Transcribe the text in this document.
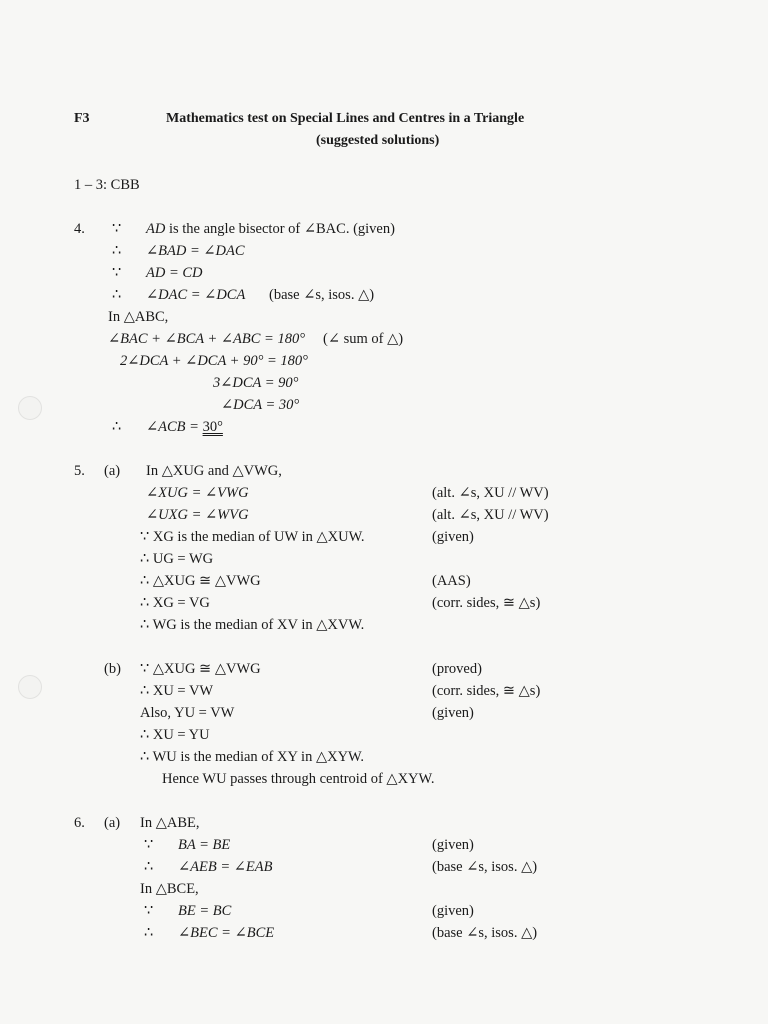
F3	Mathematics test on Special Lines and Centres in a Triangle
(suggested solutions)
1 – 3: CBB
4. ∵ AD is the angle bisector of ∠BAC. (given)
∴ ∠BAD = ∠DAC
∵ AD = CD
∴ ∠DAC = ∠DCA (base ∠s, isos. △)
In △ABC,
∠BAC + ∠BCA + ∠ABC = 180° (∠ sum of △)
2∠DCA + ∠DCA + 90° = 180°
3∠DCA = 90°
∠DCA = 30°
∴ ∠ACB = 30°
5. (a) In △XUG and △VWG,
∠XUG = ∠VWG	(alt. ∠s, XU // WV)
∠UXG = ∠WVG	(alt. ∠s, XU // WV)
∵ XG is the median of UW in △XUW.	(given)
∴ UG = WG
∴ △XUG ≅ △VWG	(AAS)
∴ XG = VG	(corr. sides, ≅ △s)
∴ WG is the median of XV in △XVW.
(b) ∵ △XUG ≅ △VWG	(proved)
∴ XU = VW	(corr. sides, ≅ △s)
Also, YU = VW	(given)
∴ XU = YU
∴ WU is the median of XY in △XYW.
Hence WU passes through centroid of △XYW.
6. (a) In △ABE,
∵ BA = BE	(given)
∴ ∠AEB = ∠EAB	(base ∠s, isos. △)
In △BCE,
∵ BE = BC	(given)
∴ ∠BEC = ∠BCE	(base ∠s, isos. △)
